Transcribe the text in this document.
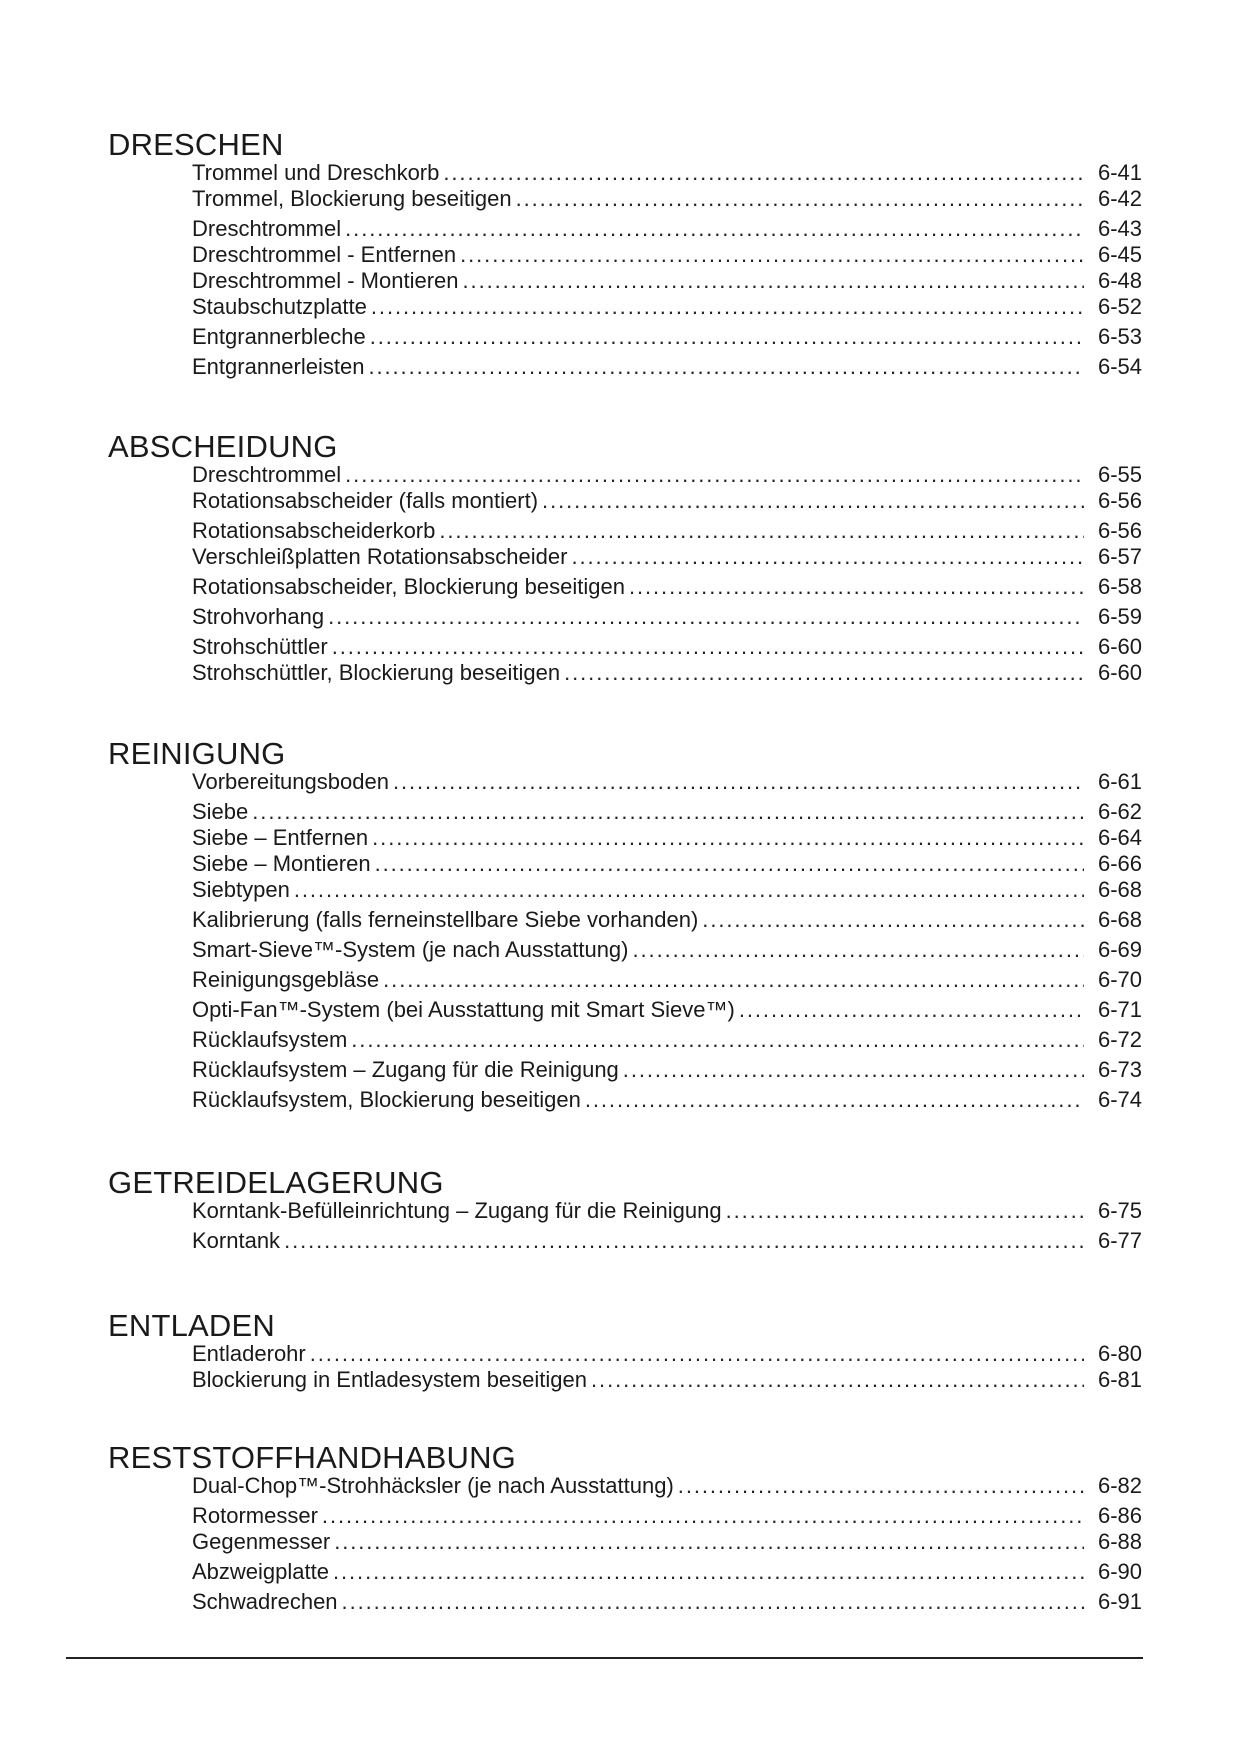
DRESCHEN
Trommel und Dreschkorb . . .	6-41
Trommel, Blockierung beseitigen . . .	6-42
Dreschtrommel . . .	6-43
Dreschtrommel - Entfernen . . .	6-45
Dreschtrommel - Montieren . . .	6-48
Staubschutzplatte . . .	6-52
Entgrannerbleche . . .	6-53
Entgrannerleisten . . .	6-54
ABSCHEIDUNG
Dreschtrommel . . .	6-55
Rotationsabscheider (falls montiert) . . .	6-56
Rotationsabscheiderkorb . . .	6-56
Verschleißplatten Rotationsabscheider . . .	6-57
Rotationsabscheider, Blockierung beseitigen . . .	6-58
Strohvorhang . . .	6-59
Strohschüttler . . .	6-60
Strohschüttler, Blockierung beseitigen . . .	6-60
REINIGUNG
Vorbereitungsboden . . .	6-61
Siebe . . .	6-62
Siebe – Entfernen . . .	6-64
Siebe – Montieren . . .	6-66
Siebtypen . . .	6-68
Kalibrierung (falls ferneinstellbare Siebe vorhanden) . . .	6-68
Smart-Sieve™-System (je nach Ausstattung) . . .	6-69
Reinigungsgebläse . . .	6-70
Opti-Fan™-System (bei Ausstattung mit Smart Sieve™) . . .	6-71
Rücklaufsystem . . .	6-72
Rücklaufsystem – Zugang für die Reinigung . . .	6-73
Rücklaufsystem, Blockierung beseitigen . . .	6-74
GETREIDELAGERUNG
Korntank-Befülleinrichtung – Zugang für die Reinigung . . .	6-75
Korntank . . .	6-77
ENTLADEN
Entladerohr . . .	6-80
Blockierung in Entladesystem beseitigen . . .	6-81
RESTSTOFFHANDHABUNG
Dual-Chop™-Strohhäcksler (je nach Ausstattung) . . .	6-82
Rotormesser . . .	6-86
Gegenmesser . . .	6-88
Abzweigplatte . . .	6-90
Schwadrechen . . .	6-91
